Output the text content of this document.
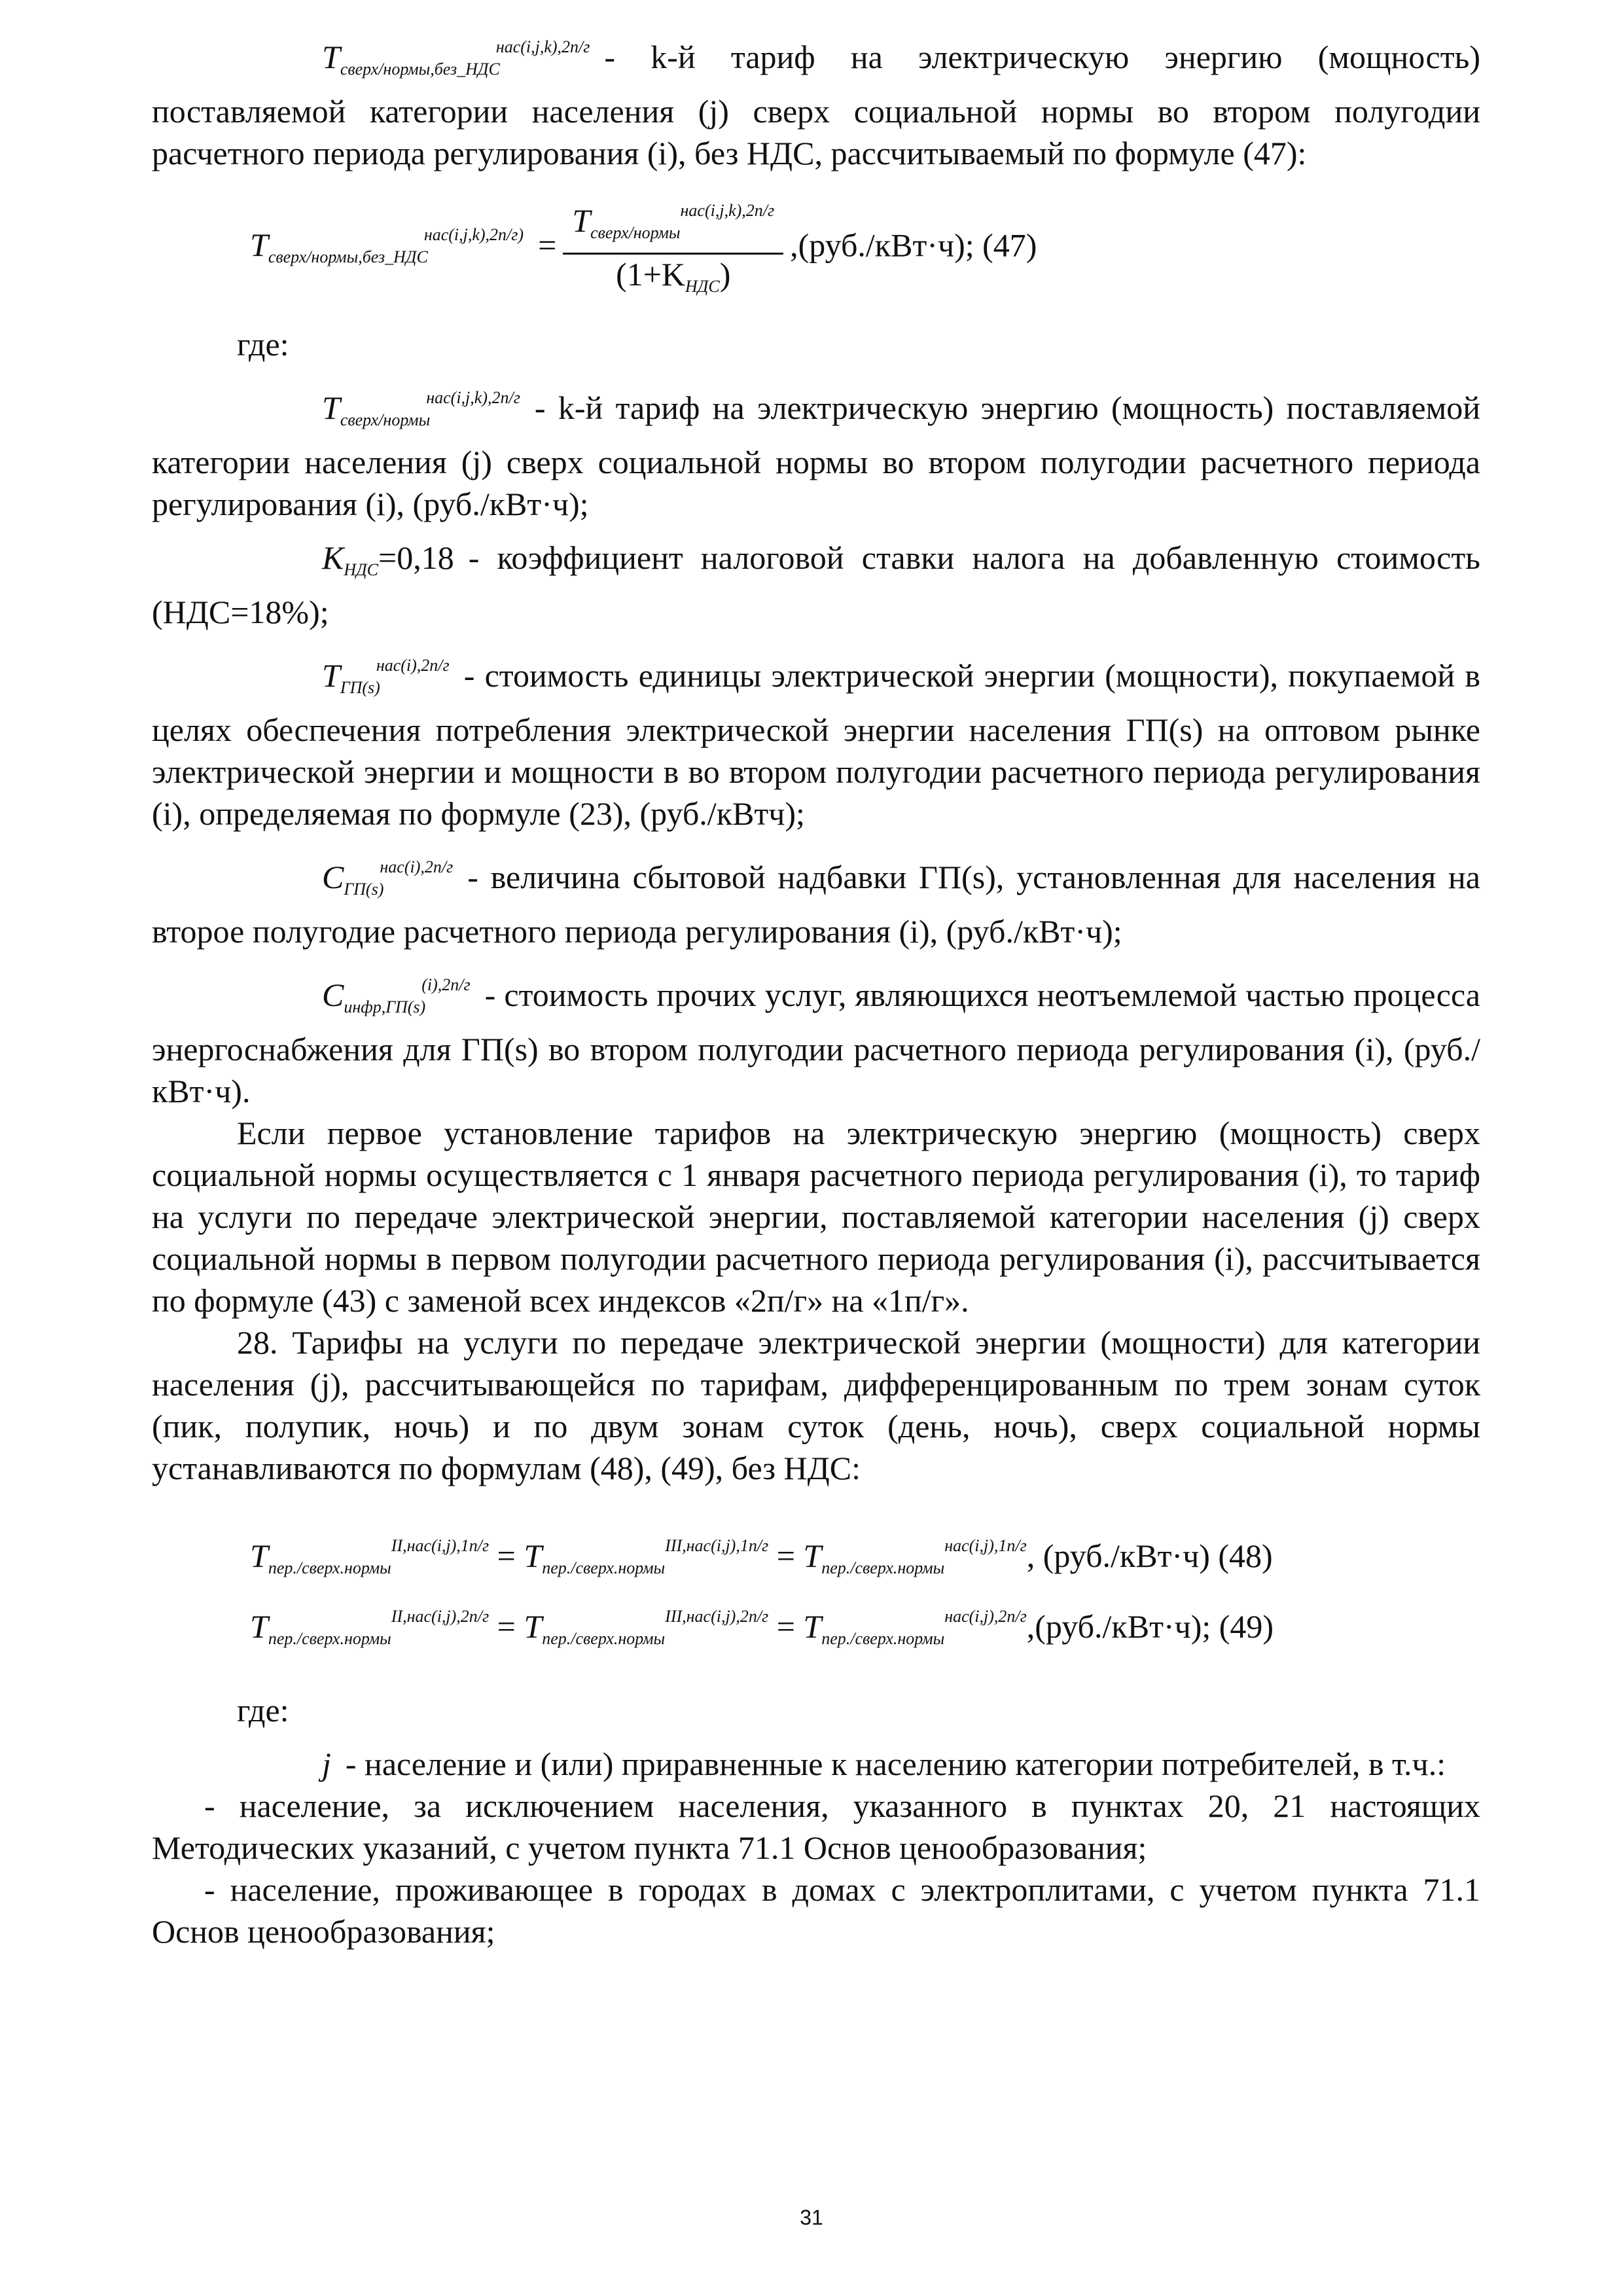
$T_{сверх/нормы,без\_НДС}^{нас(i,j,k),2п/г} - k-й$ тариф на электрическую энергию (мощность) поставляемой категории населения (j) сверх социальной нормы во втором полугодии расчетного периода регулирования (i), без НДС, рассчитываемый по формуле (47):

$T_{сверх/нормы,без\_НДС}^{нас(i,j,k),2п/г)} = \frac{T_{сверх/нормы}^{нас(i,j,k),2п/г}}{(1+K_{НДС})} ,(руб./кВт\cdot ч)$; (47)

где:

$T_{сверх/нормы}^{нас(i,j,k),2п/г} - k-й$ тариф на электрическую энергию (мощность) поставляемой категории населения (j) сверх социальной нормы во втором полугодии расчетного периода регулирования (i), (руб./кВт·ч);

$K_{НДС}=0,18$ - коэффициент налоговой ставки налога на добавленную стоимость (НДС=18%);

$T_{ГП(s)}^{нас(i),2п/г}$ - стоимость единицы электрической энергии (мощности), покупаемой в целях обеспечения потребления электрической энергии населения ГП(s) на оптовом рынке электрической энергии и мощности в во втором полугодии расчетного периода регулирования (i), определяемая по формуле (23), (руб./кВтч);

$C_{ГП(s)}^{нас(i),2п/г}$ - величина сбытовой надбавки ГП(s), установленная для населения на второе полугодие расчетного периода регулирования (i), (руб./кВт·ч);

$C_{инфр,ГП(s)}^{(i),2п/г}$ - стоимость прочих услуг, являющихся неотъемлемой частью процесса энергоснабжения для ГП(s) во втором полугодии расчетного периода регулирования (i), (руб./кВт·ч).

Если первое установление тарифов на электрическую энергию (мощность) сверх социальной нормы осуществляется с 1 января расчетного периода регулирования (i), то тариф на услуги по передаче электрической энергии, поставляемой категории населения (j) сверх социальной нормы в первом полугодии расчетного периода регулирования (i), рассчитывается по формуле (43) с заменой всех индексов «2п/г» на «1п/г».

28. Тарифы на услуги по передаче электрической энергии (мощности) для категории населения (j), рассчитывающейся по тарифам, дифференцированным по трем зонам суток (пик, полупик, ночь) и по двум зонам суток (день, ночь), сверх социальной нормы устанавливаются по формулам (48), (49), без НДС:

$T_{пер./сверх.нормы}^{II,нас(i,j),1п/г} = T_{пер./сверх.нормы}^{III,нас(i,j),1п/г} = T_{пер./сверх.нормы}^{нас(i,j),1п/г}$, (руб./кВт·ч) (48)
$T_{пер./сверх.нормы}^{II,нас(i,j),2п/г} = T_{пер./сверх.нормы}^{III,нас(i,j),2п/г} = T_{пер./сверх.нормы}^{нас(i,j),2п/г},(руб./кВт\cdot ч)$; (49)

где:

j - население и (или) приравненные к населению категории потребителей, в т.ч.:

- население, за исключением населения, указанного в пунктах 20, 21 настоящих Методических указаний, с учетом пункта 71.1 Основ ценообразования;

- население, проживающее в городах в домах с электроплитами, с учетом пункта 71.1 Основ ценообразования;

31
